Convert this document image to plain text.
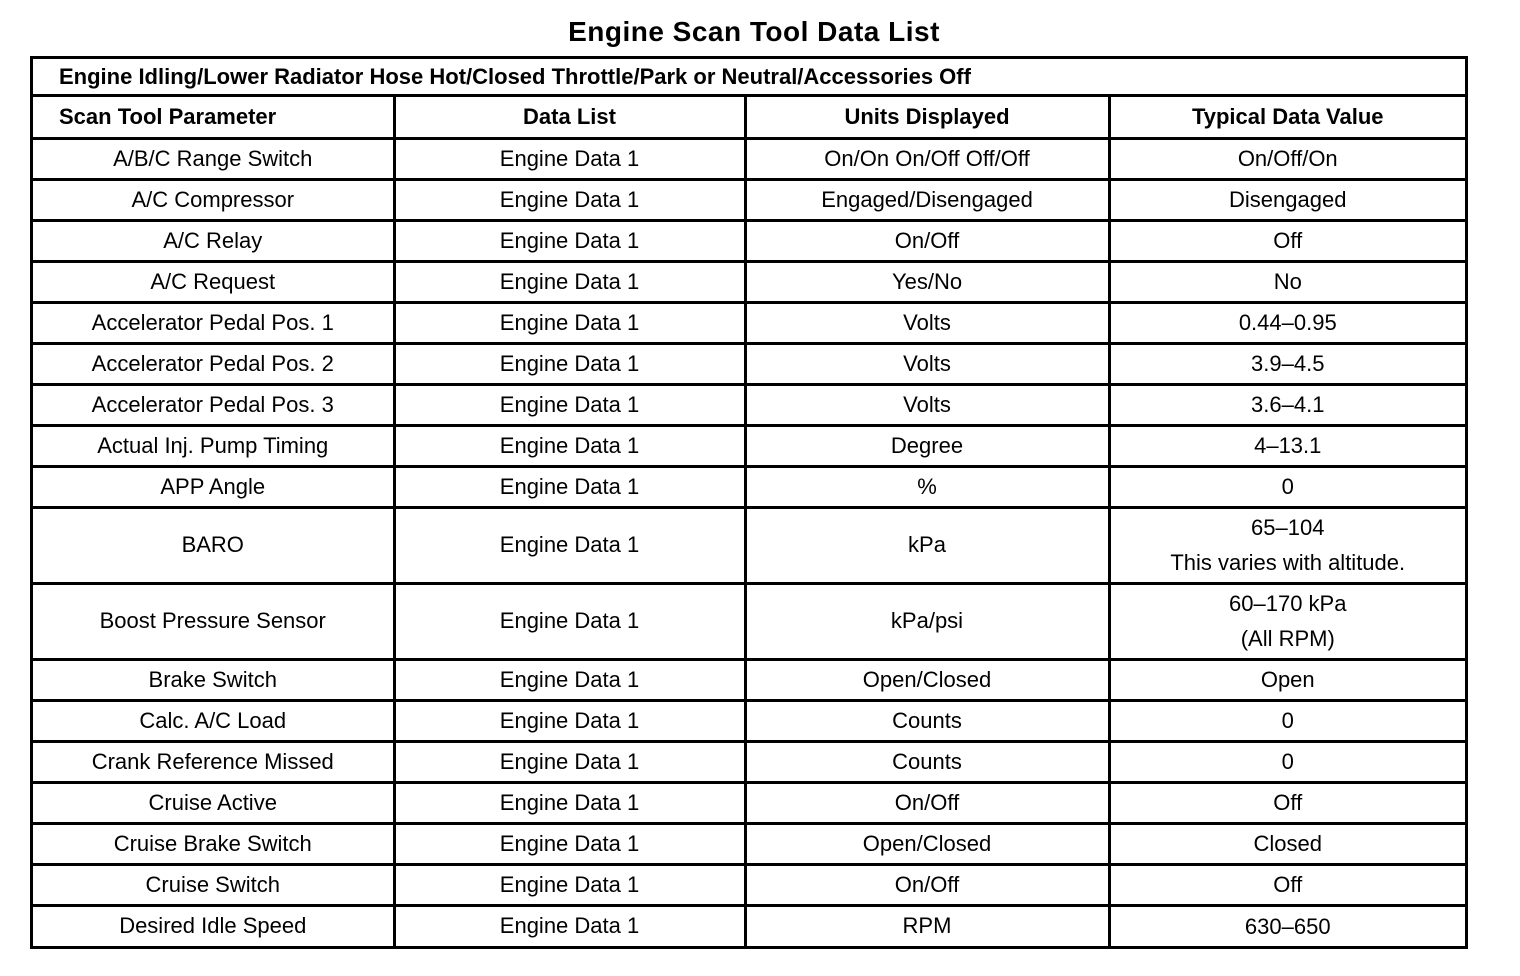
Engine Scan Tool Data List
Engine Idling/Lower Radiator Hose Hot/Closed Throttle/Park or Neutral/Accessories Off
Scan Tool Parameter	Data List	Units Displayed	Typical Data Value
A/B/C Range Switch	Engine Data 1	On/On On/Off Off/Off	On/Off/On

A/C Compressor	Engine Data 1	Engaged/Disengaged	Disengaged

A/C Relay	Engine Data 1	On/Off	Off

A/C Request	Engine Data 1	Yes/No	No

Accelerator Pedal Pos. 1	Engine Data 1	Volts	0.44–0.95

Accelerator Pedal Pos. 2	Engine Data 1	Volts	3.9–4.5

Accelerator Pedal Pos. 3	Engine Data 1	Volts	3.6–4.1

Actual Inj. Pump Timing	Engine Data 1	Degree	4–13.1

APP Angle	Engine Data 1	%	0

BARO	Engine Data 1	kPa	65–104
This varies with altitude.

Boost Pressure Sensor	Engine Data 1	kPa/psi	60–170 kPa
(All RPM)

Brake Switch	Engine Data 1	Open/Closed	Open

Calc. A/C Load	Engine Data 1	Counts	0

Crank Reference Missed	Engine Data 1	Counts	0

Cruise Active	Engine Data 1	On/Off	Off

Cruise Brake Switch	Engine Data 1	Open/Closed	Closed

Cruise Switch	Engine Data 1	On/Off	Off

Desired Idle Speed	Engine Data 1	RPM	630–650
